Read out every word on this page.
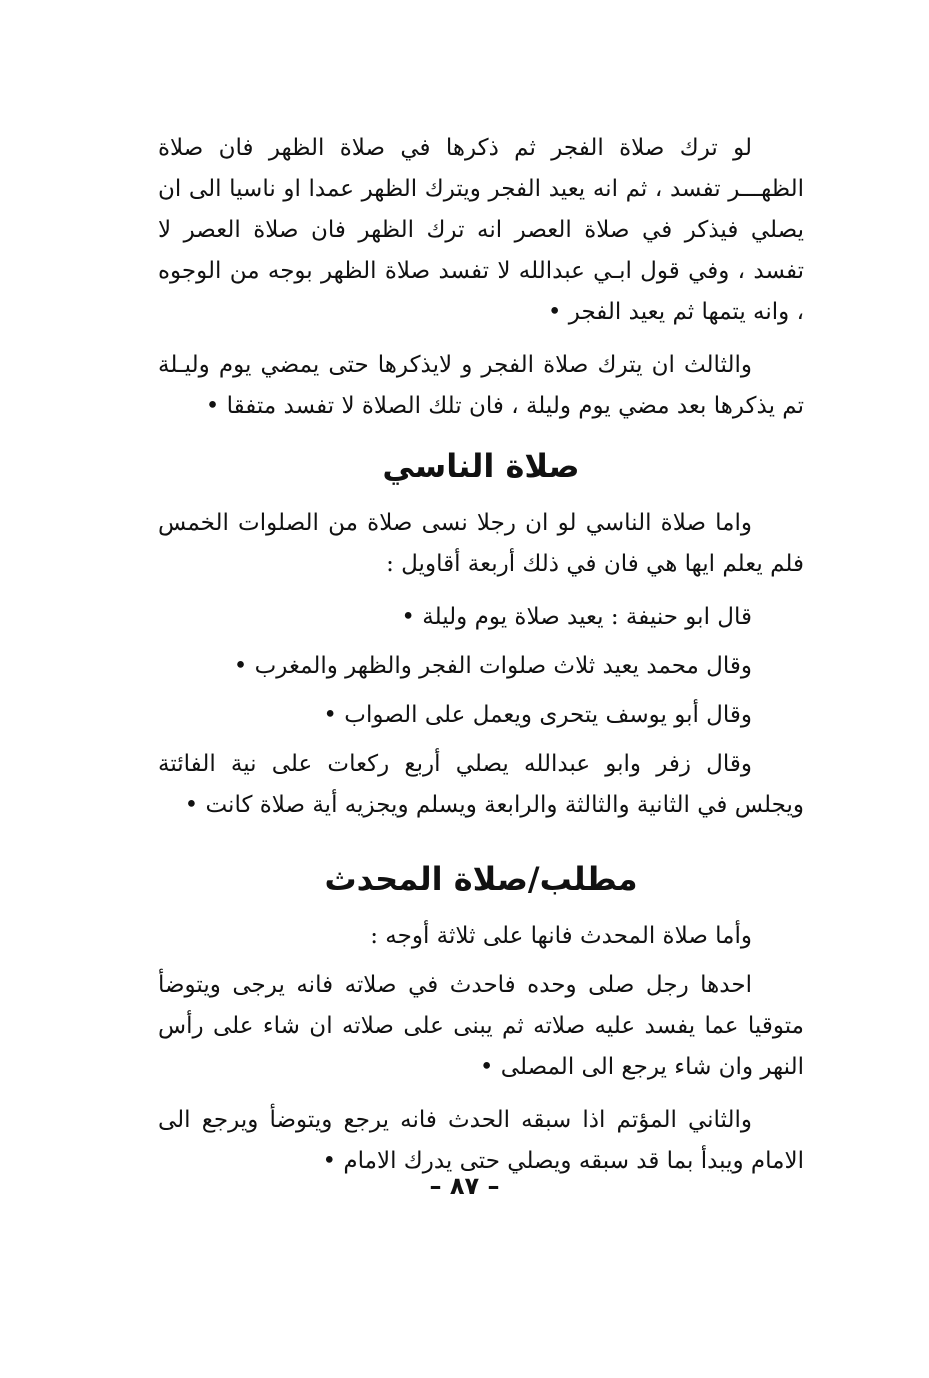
لو ترك صلاة الفجر ثم ذكرها في صلاة الظهر فان صلاة الظهـــر تفسد ، ثم انه يعيد الفجر ويترك الظهر عمدا او ناسيا الى ان يصلي فيذكر في صلاة العصر انه ترك الظهر فان صلاة العصر لا تفسد ، وفي قول ابـي عبدالله لا تفسد صلاة الظهر بوجه من الوجوه ، وانه يتمها ثم يعيد الفجر •

والثالث ان يترك صلاة الفجر و لايذكرها حتى يمضي يوم وليـلة تم يذكرها بعد مضي يوم وليلة ، فان تلك الصلاة لا تفسد متفقا •

صلاة الناسي

واما صلاة الناسي لو ان رجلا نسى صلاة من الصلوات الخمس فلم يعلم ايها هي فان في ذلك أربعة أقاويل :

قال ابو حنيفة : يعيد صلاة يوم وليلة •

وقال محمد يعيد ثلاث صلوات الفجر والظهر والمغرب •

وقال أبو يوسف يتحرى ويعمل على الصواب •

وقال زفر وابو عبدالله يصلي أربع ركعات على نية الفائتة ويجلس في الثانية والثالثة والرابعة ويسلم ويجزيه أية صلاة كانت •

مطلب/صلاة المحدث

وأما صلاة المحدث فانها على ثلاثة أوجه :

احدها رجل صلى وحده فاحدث في صلاته فانه يرجى ويتوضأ متوقيا عما يفسد عليه صلاته ثم يبنى على صلاته ان شاء على رأس النهر وان شاء يرجع الى المصلى •

والثاني المؤتم اذا سبقه الحدث فانه يرجع ويتوضأ ويرجع الى الامام ويبدأ بما قد سبقه ويصلي حتى يدرك الامام •

– ٨٧ –
